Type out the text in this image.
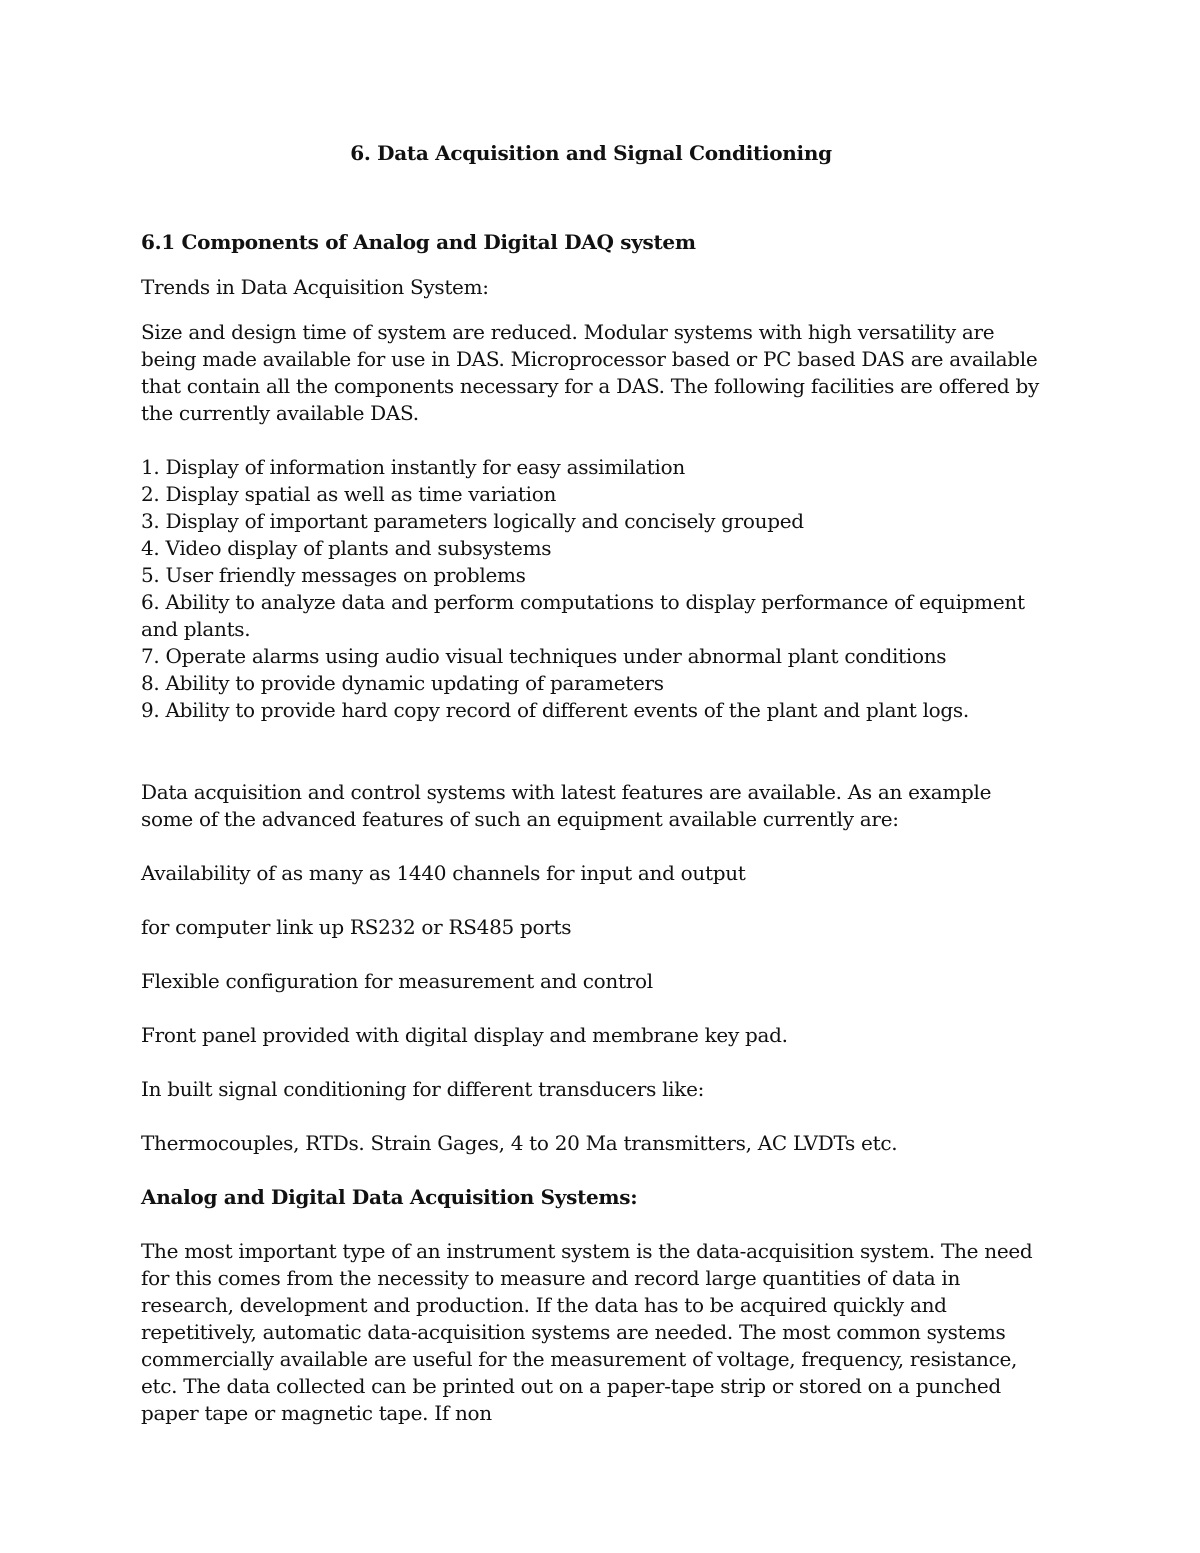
6. Data Acquisition and Signal Conditioning
6.1 Components of Analog and Digital DAQ system

Trends in Data Acquisition System:

Size and design time of system are reduced. Modular systems with high versatility are being made available for use in DAS. Microprocessor based or PC based DAS are available that contain all the components necessary for a DAS. The following facilities are offered by the currently available DAS.

1. Display of information instantly for easy assimilation
2. Display spatial as well as time variation
3. Display of important parameters logically and concisely grouped
4. Video display of plants and subsystems
5. User friendly messages on problems
6. Ability to analyze data and perform computations to display performance of equipment and plants.
7. Operate alarms using audio visual techniques under abnormal plant conditions
8. Ability to provide dynamic updating of parameters
9. Ability to provide hard copy record of different events of the plant and plant logs.

Data acquisition and control systems with latest features are available. As an example some of the advanced features of such an equipment available currently are:

Availability of as many as 1440 channels for input and output

for computer link up RS232 or RS485 ports

Flexible configuration for measurement and control

Front panel provided with digital display and membrane key pad.

In built signal conditioning for different transducers like:

Thermocouples, RTDs. Strain Gages, 4 to 20 Ma transmitters, AC LVDTs etc.

Analog and Digital Data Acquisition Systems:

The most important type of an instrument system is the data-acquisition system. The need for this comes from the necessity to measure and record large quantities of data in research, development and production. If the data has to be acquired quickly and repetitively, automatic data-acquisition systems are needed. The most common systems commercially available are useful for the measurement of voltage, frequency, resistance, etc. The data collected can be printed out on a paper-tape strip or stored on a punched paper tape or magnetic tape. If non
